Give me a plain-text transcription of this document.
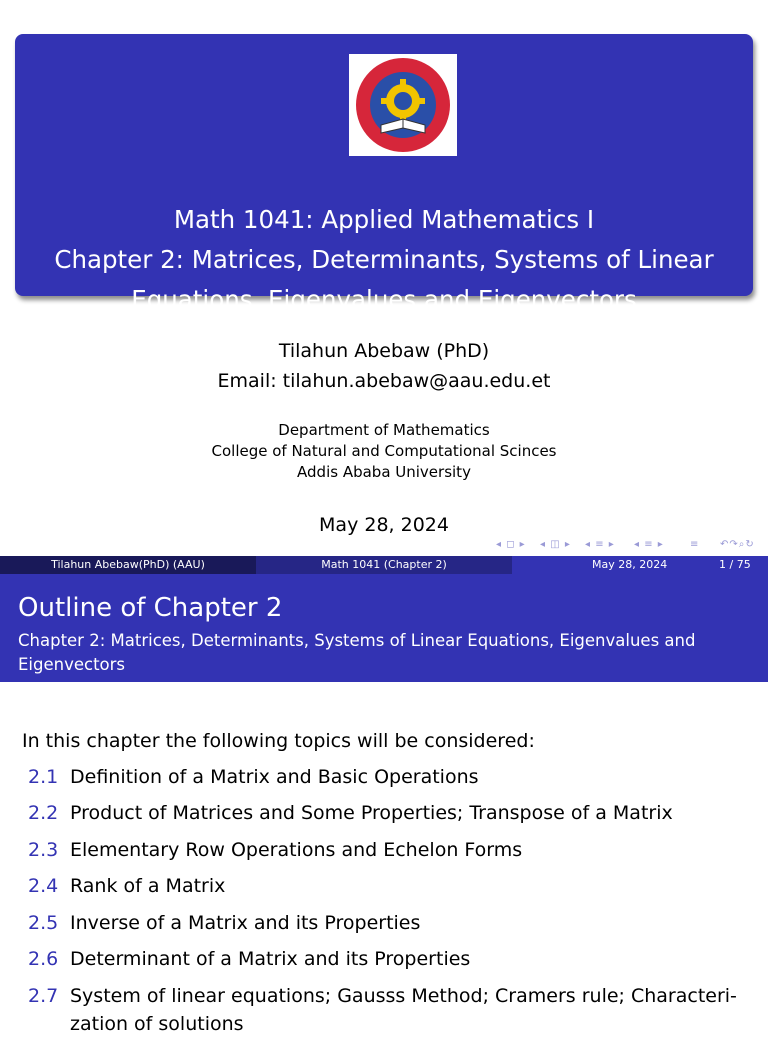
Math 1041: Applied Mathematics I
Chapter 2: Matrices, Determinants, Systems of Linear
Equations, Eigenvalues and Eigenvectors
Tilahun Abebaw (PhD)
Email: tilahun.abebaw@aau.edu.et
Department of Mathematics
College of Natural and Computational Scinces
Addis Ababa University
May 28, 2024
◂ ◻ ▸ ◂ ◫ ▸ ◂ ≡ ▸ ◂ ≡ ▸	≡ ↶↷⌕↻
Tilahun Abebaw(PhD) (AAU)	Math 1041 (Chapter 2)	May 28, 2024	1 / 75
Outline of Chapter 2
Chapter 2: Matrices, Determinants, Systems of Linear Equations, Eigenvalues and Eigenvectors
In this chapter the following topics will be considered:
2.1 Definition of a Matrix and Basic Operations
2.2 Product of Matrices and Some Properties; Transpose of a Matrix
2.3 Elementary Row Operations and Echelon Forms
2.4 Rank of a Matrix
2.5 Inverse of a Matrix and its Properties
2.6 Determinant of a Matrix and its Properties
2.7 System of linear equations; Gausss Method; Cramers rule; Characteri-
zation of solutions
